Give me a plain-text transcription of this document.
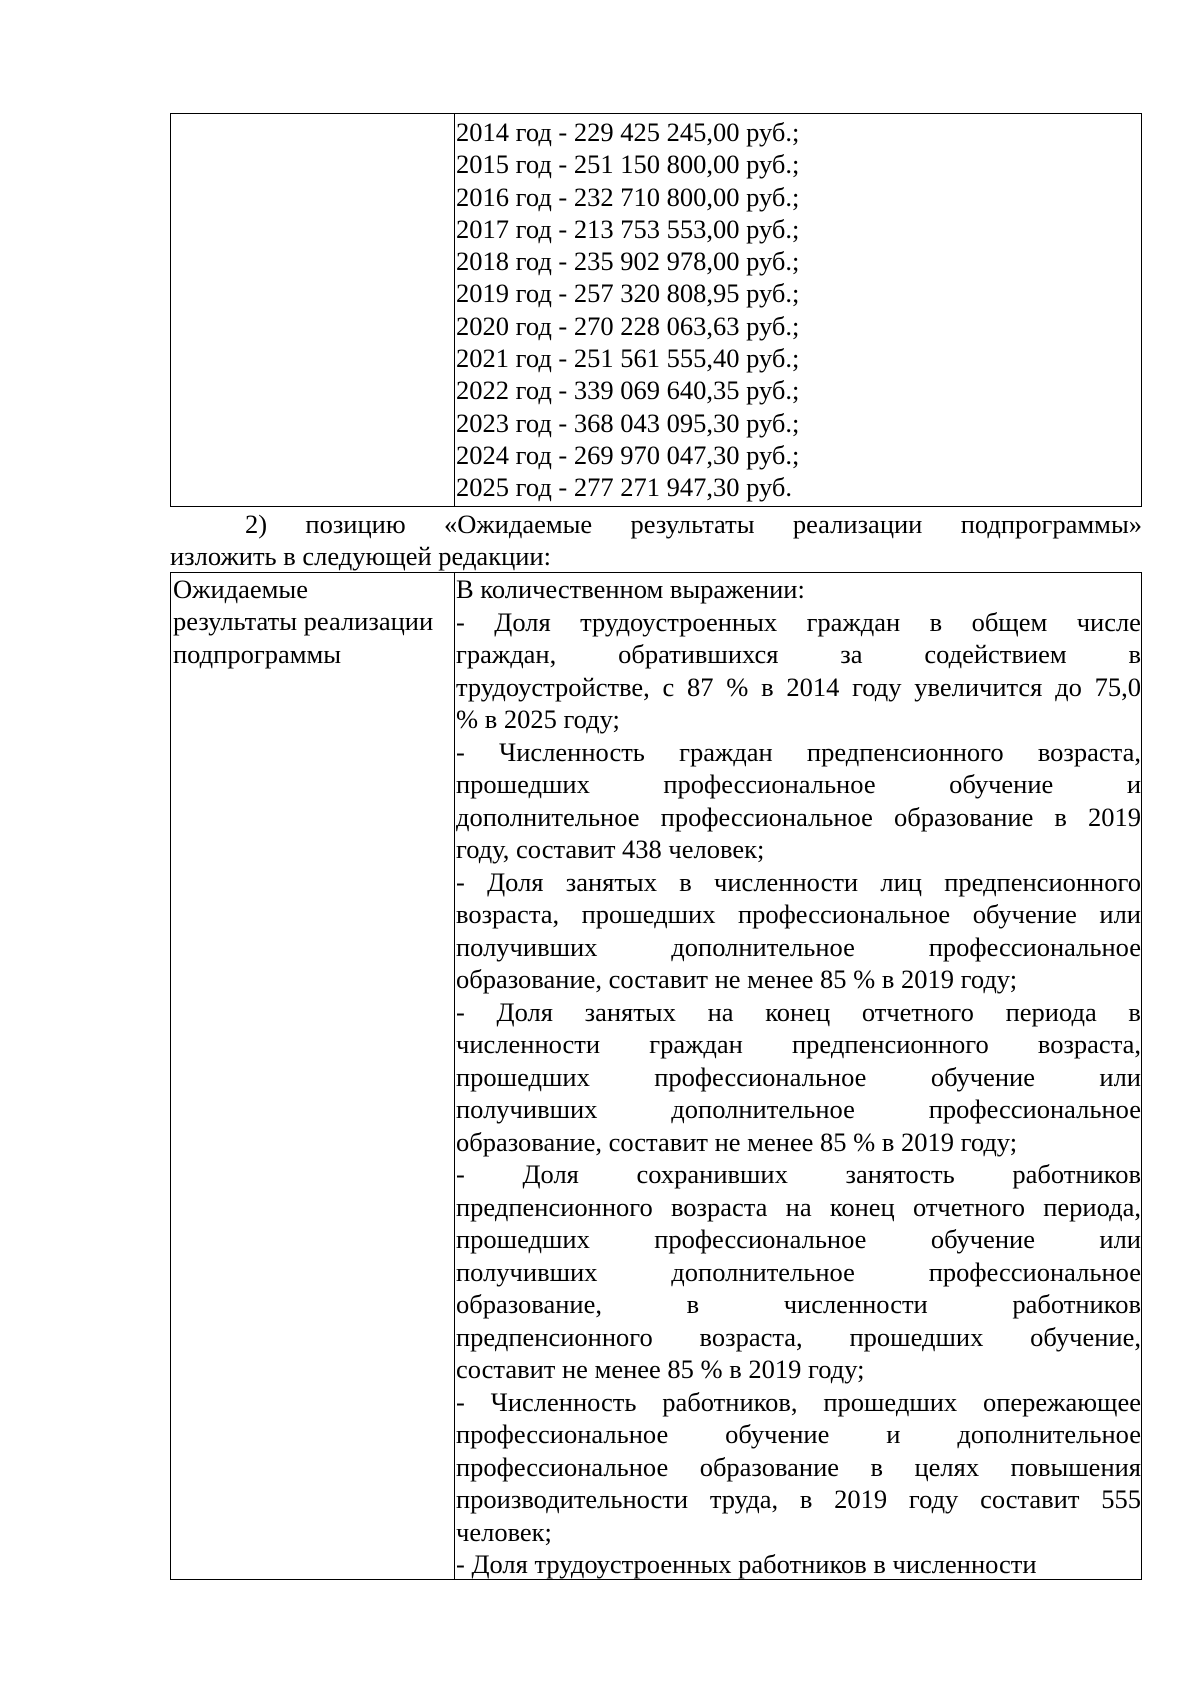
2014 год - 229 425 245,00 руб.;
2015 год - 251 150 800,00 руб.;
2016 год - 232 710 800,00 руб.;
2017 год - 213 753 553,00 руб.;
2018 год - 235 902 978,00 руб.;
2019 год - 257 320 808,95 руб.;
2020 год - 270 228 063,63 руб.;
2021 год - 251 561 555,40 руб.;
2022 год - 339 069 640,35 руб.;
2023 год - 368 043 095,30 руб.;
2024 год - 269 970 047,30 руб.;
2025 год - 277 271 947,30 руб.
2) позицию «Ожидаемые результаты реализации подпрограммы»
изложить в следующей редакции:
Ожидаемые
результаты реализации
подпрограммы
В количественном выражении:
- Доля трудоустроенных граждан в общем числе
граждан, обратившихся за содействием в
трудоустройстве, с 87 % в 2014 году увеличится до 75,0
% в 2025 году;
- Численность граждан предпенсионного возраста,
прошедших	профессиональное	обучение	и
дополнительное профессиональное образование в 2019
году, составит 438 человек;
- Доля занятых в численности лиц предпенсионного
возраста, прошедших профессиональное обучение или
получивших	дополнительное	профессиональное
образование, составит не менее 85 % в 2019 году;
- Доля занятых на конец отчетного периода в
численности граждан предпенсионного возраста,
прошедших профессиональное обучение или
получивших	дополнительное	профессиональное
образование, составит не менее 85 % в 2019 году;
- Доля сохранивших занятость работников
предпенсионного возраста на конец отчетного периода,
прошедших профессиональное обучение или
получивших	дополнительное	профессиональное
образование,	в	численности	работников
предпенсионного возраста, прошедших обучение,
составит не менее 85 % в 2019 году;
- Численность работников, прошедших опережающее
профессиональное обучение и дополнительное
профессиональное образование в целях повышения
производительности труда, в 2019 году составит 555
человек;
- Доля трудоустроенных работников в численности
